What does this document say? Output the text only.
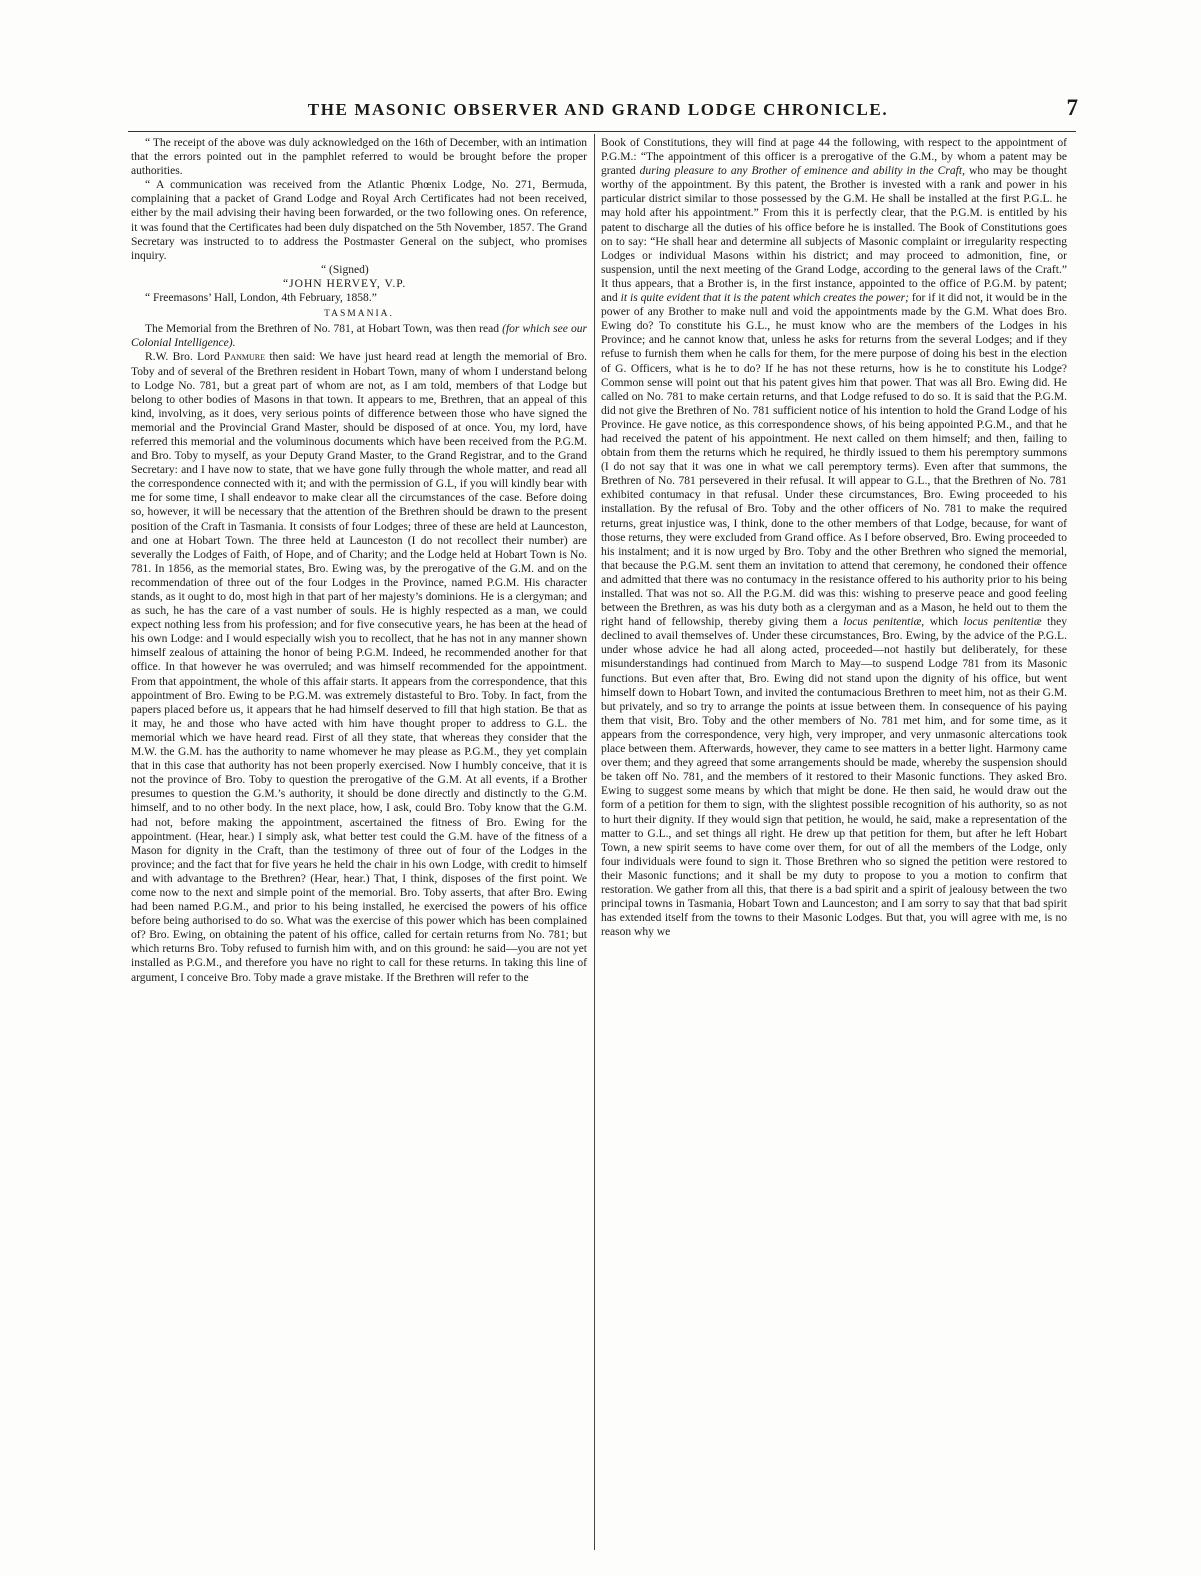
THE MASONIC OBSERVER AND GRAND LODGE CHRONICLE.	7

“ The receipt of the above was duly acknowledged on the 16th of December, with an intimation that the errors pointed out in the pamphlet referred to would be brought before the proper authorities.

“ A communication was received from the Atlantic Phœnix Lodge, No. 271, Bermuda, complaining that a packet of Grand Lodge and Royal Arch Certificates had not been received, either by the mail advising their having been forwarded, or the two following ones. On reference, it was found that the Certificates had been duly dispatched on the 5th November, 1857. The Grand Secretary was instructed to to address the Postmaster General on the subject, who promises inquiry.

“ (Signed)
“JOHN HERVEY, V.P.

“ Freemasons’ Hall, London, 4th February, 1858.”

TASMANIA.

The Memorial from the Brethren of No. 781, at Hobart Town, was then read (for which see our Colonial Intelligence).

R.W. Bro. Lord Panmure then said: We have just heard read at length the memorial of Bro. Toby and of several of the Brethren resident in Hobart Town, many of whom I understand belong to Lodge No. 781, but a great part of whom are not, as I am told, members of that Lodge but belong to other bodies of Masons in that town. It appears to me, Brethren, that an appeal of this kind, involving, as it does, very serious points of difference between those who have signed the memorial and the Provincial Grand Master, should be disposed of at once. You, my lord, have referred this memorial and the voluminous documents which have been received from the P.G.M. and Bro. Toby to myself, as your Deputy Grand Master, to the Grand Registrar, and to the Grand Secretary: and I have now to state, that we have gone fully through the whole matter, and read all the correspondence connected with it; and with the permission of G.L, if you will kindly bear with me for some time, I shall endeavor to make clear all the circumstances of the case. Before doing so, however, it will be necessary that the attention of the Brethren should be drawn to the present position of the Craft in Tasmania. It consists of four Lodges; three of these are held at Launceston, and one at Hobart Town. The three held at Launceston (I do not recollect their number) are severally the Lodges of Faith, of Hope, and of Charity; and the Lodge held at Hobart Town is No. 781. In 1856, as the memorial states, Bro. Ewing was, by the prerogative of the G.M. and on the recommendation of three out of the four Lodges in the Province, named P.G.M. His character stands, as it ought to do, most high in that part of her majesty’s dominions. He is a clergyman; and as such, he has the care of a vast number of souls. He is highly respected as a man, we could expect nothing less from his profession; and for five consecutive years, he has been at the head of his own Lodge: and I would especially wish you to recollect, that he has not in any manner shown himself zealous of attaining the honor of being P.G.M. Indeed, he recommended another for that office. In that however he was overruled; and was himself recommended for the appointment. From that appointment, the whole of this affair starts. It appears from the correspondence, that this appointment of Bro. Ewing to be P.G.M. was extremely distasteful to Bro. Toby. In fact, from the papers placed before us, it appears that he had himself deserved to fill that high station. Be that as it may, he and those who have acted with him have thought proper to address to G.L. the memorial which we have heard read. First of all they state, that whereas they consider that the M.W. the G.M. has the authority to name whomever he may please as P.G.M., they yet complain that in this case that authority has not been properly exercised. Now I humbly conceive, that it is not the province of Bro. Toby to question the prerogative of the G.M. At all events, if a Brother presumes to question the G.M.’s authority, it should be done directly and distinctly to the G.M. himself, and to no other body. In the next place, how, I ask, could Bro. Toby know that the G.M. had not, before making the appointment, ascertained the fitness of Bro. Ewing for the appointment. (Hear, hear.) I simply ask, what better test could the G.M. have of the fitness of a Mason for dignity in the Craft, than the testimony of three out of four of the Lodges in the province; and the fact that for five years he held the chair in his own Lodge, with credit to himself and with advantage to the Brethren? (Hear, hear.) That, I think, disposes of the first point. We come now to the next and simple point of the memorial. Bro. Toby asserts, that after Bro. Ewing had been named P.G.M., and prior to his being installed, he exercised the powers of his office before being authorised to do so. What was the exercise of this power which has been complained of? Bro. Ewing, on obtaining the patent of his office, called for certain returns from No. 781; but which returns Bro. Toby refused to furnish him with, and on this ground: he said—you are not yet installed as P.G.M., and therefore you have no right to call for these returns. In taking this line of argument, I conceive Bro. Toby made a grave mistake. If the Brethren will refer to the

Book of Constitutions, they will find at page 44 the following, with respect to the appointment of P.G.M.: “The appointment of this officer is a prerogative of the G.M., by whom a patent may be granted during pleasure to any Brother of eminence and ability in the Craft, who may be thought worthy of the appointment. By this patent, the Brother is invested with a rank and power in his particular district similar to those possessed by the G.M. He shall be installed at the first P.G.L. he may hold after his appointment.” From this it is perfectly clear, that the P.G.M. is entitled by his patent to discharge all the duties of his office before he is installed. The Book of Constitutions goes on to say: “He shall hear and determine all subjects of Masonic complaint or irregularity respecting Lodges or individual Masons within his district; and may proceed to admonition, fine, or suspension, until the next meeting of the Grand Lodge, according to the general laws of the Craft.” It thus appears, that a Brother is, in the first instance, appointed to the office of P.G.M. by patent; and it is quite evident that it is the patent which creates the power; for if it did not, it would be in the power of any Brother to make null and void the appointments made by the G.M. What does Bro. Ewing do? To constitute his G.L., he must know who are the members of the Lodges in his Province; and he cannot know that, unless he asks for returns from the several Lodges; and if they refuse to furnish them when he calls for them, for the mere purpose of doing his best in the election of G. Officers, what is he to do? If he has not these returns, how is he to constitute his Lodge? Common sense will point out that his patent gives him that power. That was all Bro. Ewing did. He called on No. 781 to make certain returns, and that Lodge refused to do so. It is said that the P.G.M. did not give the Brethren of No. 781 sufficient notice of his intention to hold the Grand Lodge of his Province. He gave notice, as this correspondence shows, of his being appointed P.G.M., and that he had received the patent of his appointment. He next called on them himself; and then, failing to obtain from them the returns which he required, he thirdly issued to them his peremptory summons (I do not say that it was one in what we call peremptory terms). Even after that summons, the Brethren of No. 781 persevered in their refusal. It will appear to G.L., that the Brethren of No. 781 exhibited contumacy in that refusal. Under these circumstances, Bro. Ewing proceeded to his installation. By the refusal of Bro. Toby and the other officers of No. 781 to make the required returns, great injustice was, I think, done to the other members of that Lodge, because, for want of those returns, they were excluded from Grand office. As I before observed, Bro. Ewing proceeded to his instalment; and it is now urged by Bro. Toby and the other Brethren who signed the memorial, that because the P.G.M. sent them an invitation to attend that ceremony, he condoned their offence and admitted that there was no contumacy in the resistance offered to his authority prior to his being installed. That was not so. All the P.G.M. did was this: wishing to preserve peace and good feeling between the Brethren, as was his duty both as a clergyman and as a Mason, he held out to them the right hand of fellowship, thereby giving them a locus penitentiæ, which locus penitentiæ they declined to avail themselves of. Under these circumstances, Bro. Ewing, by the advice of the P.G.L. under whose advice he had all along acted, proceeded—not hastily but deliberately, for these misunderstandings had continued from March to May—to suspend Lodge 781 from its Masonic functions. But even after that, Bro. Ewing did not stand upon the dignity of his office, but went himself down to Hobart Town, and invited the contumacious Brethren to meet him, not as their G.M. but privately, and so try to arrange the points at issue between them. In consequence of his paying them that visit, Bro. Toby and the other members of No. 781 met him, and for some time, as it appears from the correspondence, very high, very improper, and very unmasonic altercations took place between them. Afterwards, however, they came to see matters in a better light. Harmony came over them; and they agreed that some arrangements should be made, whereby the suspension should be taken off No. 781, and the members of it restored to their Masonic functions. They asked Bro. Ewing to suggest some means by which that might be done. He then said, he would draw out the form of a petition for them to sign, with the slightest possible recognition of his authority, so as not to hurt their dignity. If they would sign that petition, he would, he said, make a representation of the matter to G.L., and set things all right. He drew up that petition for them, but after he left Hobart Town, a new spirit seems to have come over them, for out of all the members of the Lodge, only four individuals were found to sign it. Those Brethren who so signed the petition were restored to their Masonic functions; and it shall be my duty to propose to you a motion to confirm that restoration. We gather from all this, that there is a bad spirit and a spirit of jealousy between the two principal towns in Tasmania, Hobart Town and Launceston; and I am sorry to say that that bad spirit has extended itself from the towns to their Masonic Lodges. But that, you will agree with me, is no reason why we
